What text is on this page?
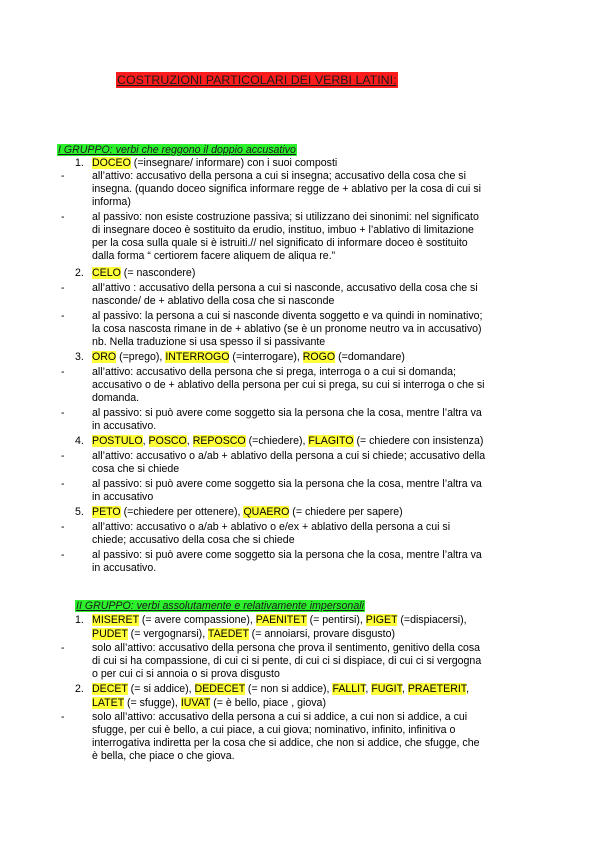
COSTRUZIONI PARTICOLARI DEI VERBI LATINI:
I GRUPPO: verbi che reggono il doppio accusativo
1. DOCEO (=insegnare/ informare) con i suoi composti
-	all’attivo: accusativo della persona a cui si insegna; accusativo della cosa che si
insegna. (quando doceo significa informare regge de + ablativo per la cosa di cui si
informa)
-	al passivo: non esiste costruzione passiva; si utilizzano dei sinonimi: nel significato
di insegnare doceo è sostituito da erudio, instituo, imbuo + l’ablativo di limitazione
per la cosa sulla quale si è istruiti.// nel significato di informare doceo è sostituito
dalla forma “ certiorem facere aliquem de aliqua re.”
2. CELO (= nascondere)
-	all’attivo : accusativo della persona a cui si nasconde, accusativo della cosa che si
nasconde/ de + ablativo della cosa che si nasconde
-	al passivo: la persona a cui si nasconde diventa soggetto e va quindi in nominativo;
la cosa nascosta rimane in de + ablativo (se è un pronome neutro va in accusativo)
nb. Nella traduzione si usa spesso il si passivante
3. ORO (=prego), INTERROGO (=interrogare), ROGO (=domandare)
-	all’attivo: accusativo della persona che si prega, interroga o a cui si domanda;
accusativo o de + ablativo della persona per cui si prega, su cui si interroga o che si
domanda.
-	al passivo: si può avere come soggetto sia la persona che la cosa, mentre l’altra va
in accusativo.
4. POSTULO, POSCO, REPOSCO (=chiedere), FLAGITO (= chiedere con insistenza)
-	all’attivo: accusativo o a/ab + ablativo della persona a cui si chiede; accusativo della
cosa che si chiede
-	al passivo: si può avere come soggetto sia la persona che la cosa, mentre l’altra va
in accusativo
5. PETO (=chiedere per ottenere), QUAERO (= chiedere per sapere)
-	all’attivo: accusativo o a/ab + ablativo o e/ex + ablativo della persona a cui si
chiede; accusativo della cosa che si chiede
-	al passivo: si può avere come soggetto sia la persona che la cosa, mentre l’altra va
in accusativo.
II GRUPPO: verbi assolutamente e relativamente impersonali
1. MISERET (= avere compassione), PAENITET (= pentirsi), PIGET (=dispiacersi),
PUDET (= vergognarsi), TAEDET (= annoiarsi, provare disgusto)
-	solo all’attivo: accusativo della persona che prova il sentimento, genitivo della cosa
di cui si ha compassione, di cui ci si pente, di cui ci si dispiace, di cui ci si vergogna
o per cui ci si annoia o si prova disgusto
2. DECET (= si addice), DEDECET (= non si addice), FALLIT, FUGIT, PRAETERIT,
LATET (= sfugge), IUVAT (= è bello, piace , giova)
-	solo all’attivo: accusativo della persona a cui si addice, a cui non si addice, a cui
sfugge, per cui è bello, a cui piace, a cui giova; nominativo, infinito, infinitiva o
interrogativa indiretta per la cosa che si addice, che non si addice, che sfugge, che
è bella, che piace o che giova.
